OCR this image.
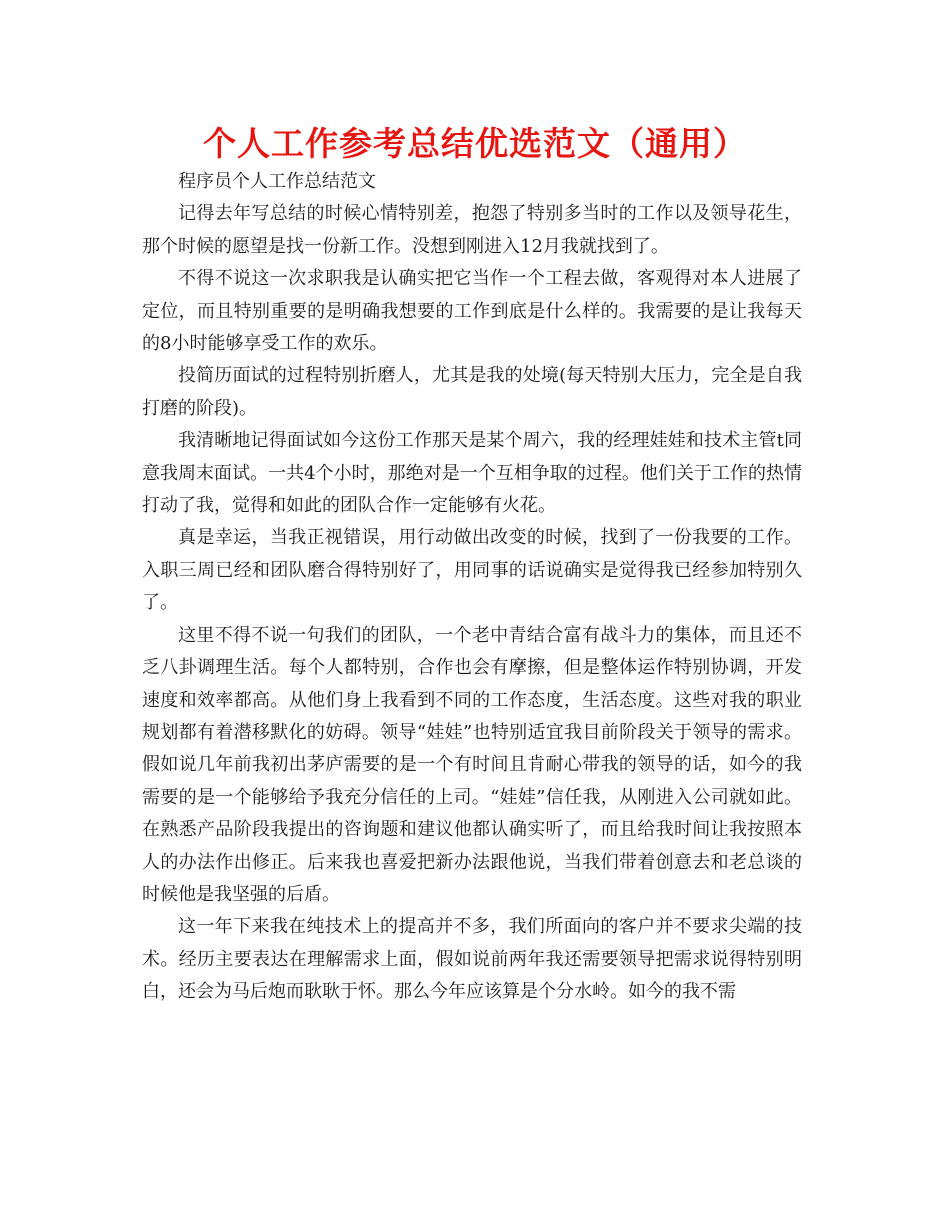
个人工作参考总结优选范文（通用）

程序员个人工作总结范文

记得去年写总结的时候心情特别差，抱怨了特别多当时的工作以及领导花生，那个时候的愿望是找一份新工作。没想到刚进入12月我就找到了。

不得不说这一次求职我是认确实把它当作一个工程去做，客观得对本人进展了定位，而且特别重要的是明确我想要的工作到底是什么样的。我需要的是让我每天的8小时能够享受工作的欢乐。

投简历面试的过程特别折磨人，尤其是我的处境(每天特别大压力，完全是自我打磨的阶段)。

我清晰地记得面试如今这份工作那天是某个周六，我的经理娃娃和技术主管t同意我周末面试。一共4个小时，那绝对是一个互相争取的过程。他们关于工作的热情打动了我，觉得和如此的团队合作一定能够有火花。

真是幸运，当我正视错误，用行动做出改变的时候，找到了一份我要的工作。入职三周已经和团队磨合得特别好了，用同事的话说确实是觉得我已经参加特别久了。

这里不得不说一句我们的团队，一个老中青结合富有战斗力的集体，而且还不乏八卦调理生活。每个人都特别，合作也会有摩擦，但是整体运作特别协调，开发速度和效率都高。从他们身上我看到不同的工作态度，生活态度。这些对我的职业规划都有着潜移默化的妨碍。领导“娃娃”也特别适宜我目前阶段关于领导的需求。假如说几年前我初出茅庐需要的是一个有时间且肯耐心带我的领导的话，如今的我需要的是一个能够给予我充分信任的上司。“娃娃”信任我，从刚进入公司就如此。在熟悉产品阶段我提出的咨询题和建议他都认确实听了，而且给我时间让我按照本人的办法作出修正。后来我也喜爱把新办法跟他说，当我们带着创意去和老总谈的时候他是我坚强的后盾。

这一年下来我在纯技术上的提高并不多，我们所面向的客户并不要求尖端的技术。经历主要表达在理解需求上面，假如说前两年我还需要领导把需求说得特别明白，还会为马后炮而耿耿于怀。那么今年应该算是个分水岭。如今的我不需
